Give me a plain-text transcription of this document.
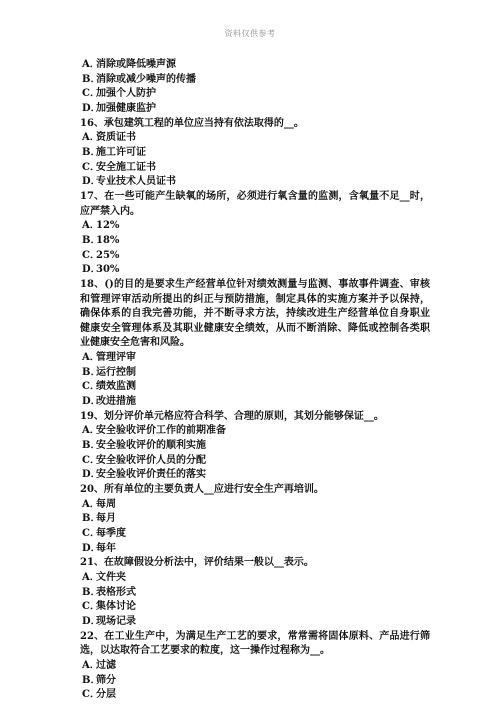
资料仅供参考
A．消除或降低噪声源
B．消除或减少噪声的传播
C．加强个人防护
D．加强健康监护
16、承包建筑工程的单位应当持有依法取得的__。
A．资质证书
B．施工许可证
C．安全施工证书
D．专业技术人员证书
17、在一些可能产生缺氧的场所，必须进行氧含量的监测，含氧量不足__时，
应严禁入内。
A．12%
B．18%
C．25%
D．30%
18、()的目的是要求生产经营单位针对绩效测量与监测、事故事件调查、审核
和管理评审活动所提出的纠正与预防措施，制定具体的实施方案并予以保持，
确保体系的自我完善功能，并不断寻求方法，持续改进生产经营单位自身职业
健康安全管理体系及其职业健康安全绩效，从而不断消除、降低或控制各类职
业健康安全危害和风险。
A．管理评审
B．运行控制
C．绩效监测
D．改进措施
19、划分评价单元格应符合科学、合理的原则，其划分能够保证__。
A．安全验收评价工作的前期准备
B．安全验收评价的顺利实施
C．安全验收评价人员的分配
D．安全验收评价责任的落实
20、所有单位的主要负责人__应进行安全生产再培训。
A．每周
B．每月
C．每季度
D．每年
21、在故障假设分析法中，评价结果一般以__表示。
A．文件夹
B．表格形式
C．集体讨论
D．现场记录
22、在工业生产中，为满足生产工艺的要求，常常需将固体原料、产品进行筛
选，以达取符合工艺要求的粒度，这一操作过程称为__。
A．过滤
B．筛分
C．分层
